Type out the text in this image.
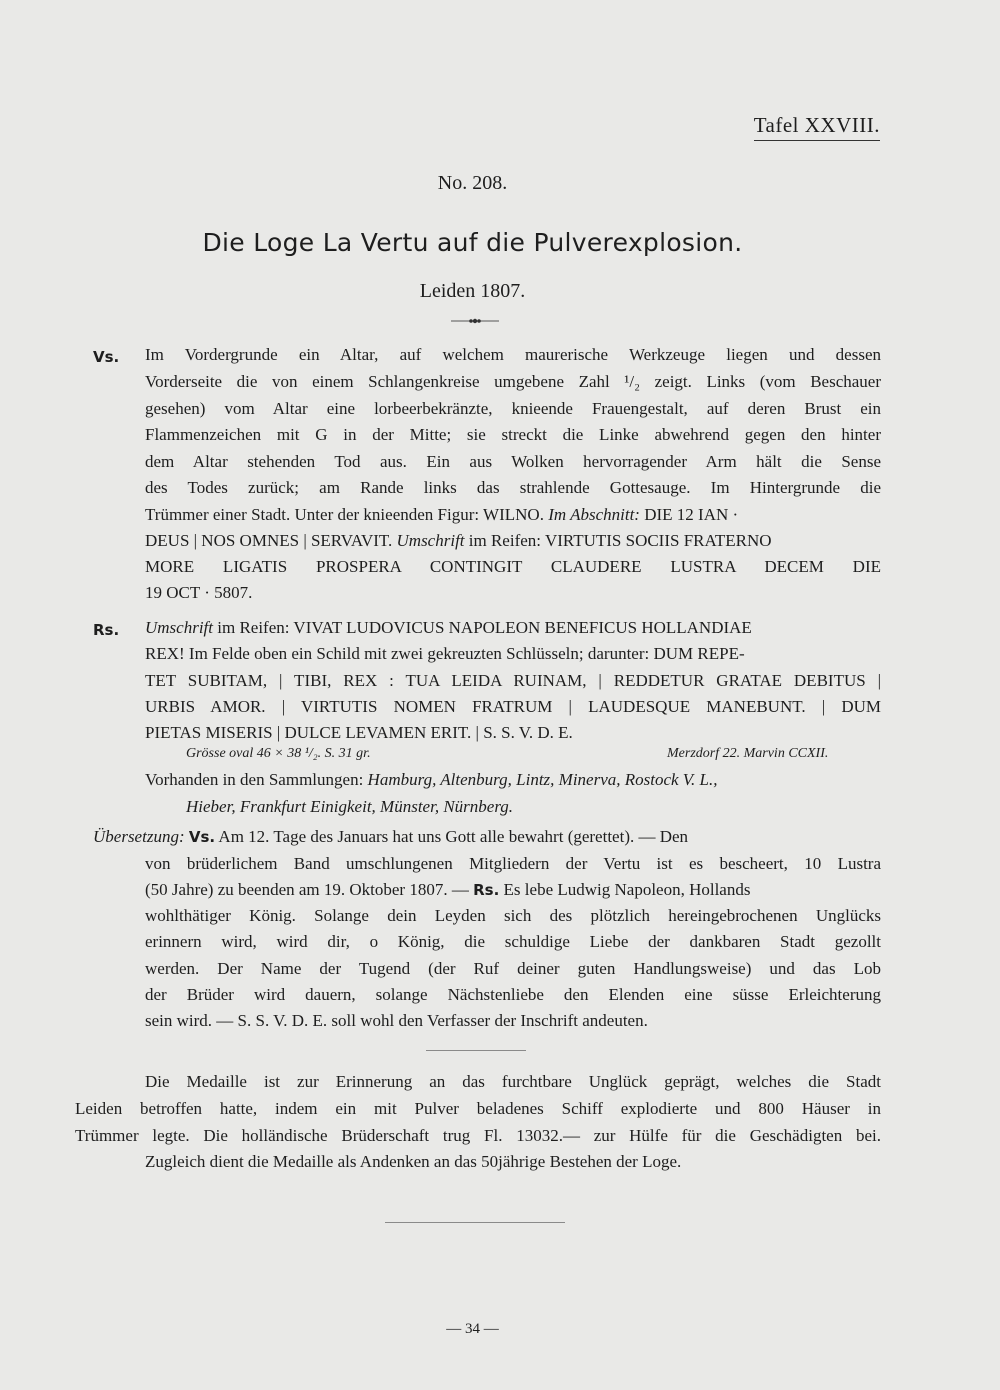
Tafel XXVIII.
No. 208.
Die Loge La Vertu auf die Pulverexplosion.
Leiden 1807.
Vs. Im Vordergrunde ein Altar, auf welchem maurerische Werkzeuge liegen und dessen
Vorderseite die von einem Schlangenkreise umgebene Zahl ¹/₂ zeigt. Links (vom Beschauer
gesehen) vom Altar eine lorbeerbekränzte, knieende Frauengestalt, auf deren Brust ein
Flammenzeichen mit G in der Mitte; sie streckt die Linke abwehrend gegen den hinter
dem Altar stehenden Tod aus. Ein aus Wolken hervorragender Arm hält die Sense
des Todes zurück; am Rande links das strahlende Gottesauge. Im Hintergrunde die
Trümmer einer Stadt. Unter der knieenden Figur: WILNO. Im Abschnitt: DIE 12 IAN ·
DEUS | NOS OMNES | SERVAVIT. Umschrift im Reifen: VIRTUTIS SOCIIS FRATERNO
MORE LIGATIS PROSPERA CONTINGIT CLAUDERE LUSTRA DECEM DIE
19 OCT · 5807.
Rs. Umschrift im Reifen: VIVAT LUDOVICUS NAPOLEON BENEFICUS HOLLANDIAE
REX! Im Felde oben ein Schild mit zwei gekreuzten Schlüsseln; darunter: DUM REPE-
TET SUBITAM, | TIBI, REX : TUA LEIDA RUINAM, | REDDETUR GRATAE DEBITUS |
URBIS AMOR. | VIRTUTIS NOMEN FRATRUM | LAUDESQUE MANEBUNT. | DUM
PIETAS MISERIS | DULCE LEVAMEN ERIT. | S. S. V. D. E.
Grösse oval 46 × 38 ¹/₂. S. 31 gr.	Merzdorf 22. Marvin CCXII.
Vorhanden in den Sammlungen: Hamburg, Altenburg, Lintz, Minerva, Rostock V. L.,
Hieber, Frankfurt Einigkeit, Münster, Nürnberg.
Übersetzung: Vs. Am 12. Tage des Januars hat uns Gott alle bewahrt (gerettet). — Den
von brüderlichem Band umschlungenen Mitgliedern der Vertu ist es bescheert, 10 Lustra
(50 Jahre) zu beenden am 19. Oktober 1807. — Rs. Es lebe Ludwig Napoleon, Hollands
wohlthätiger König. Solange dein Leyden sich des plötzlich hereingebrochenen Unglücks
erinnern wird, wird dir, o König, die schuldige Liebe der dankbaren Stadt gezollt
werden. Der Name der Tugend (der Ruf deiner guten Handlungsweise) und das Lob
der Brüder wird dauern, solange Nächstenliebe den Elenden eine süsse Erleichterung
sein wird. — S. S. V. D. E. soll wohl den Verfasser der Inschrift andeuten.
Die Medaille ist zur Erinnerung an das furchtbare Unglück geprägt, welches die Stadt
Leiden betroffen hatte, indem ein mit Pulver beladenes Schiff explodierte und 800 Häuser in
Trümmer legte. Die holländische Brüderschaft trug Fl. 13032.— zur Hülfe für die Geschädigten bei.
Zugleich dient die Medaille als Andenken an das 50jährige Bestehen der Loge.
— 34 —
